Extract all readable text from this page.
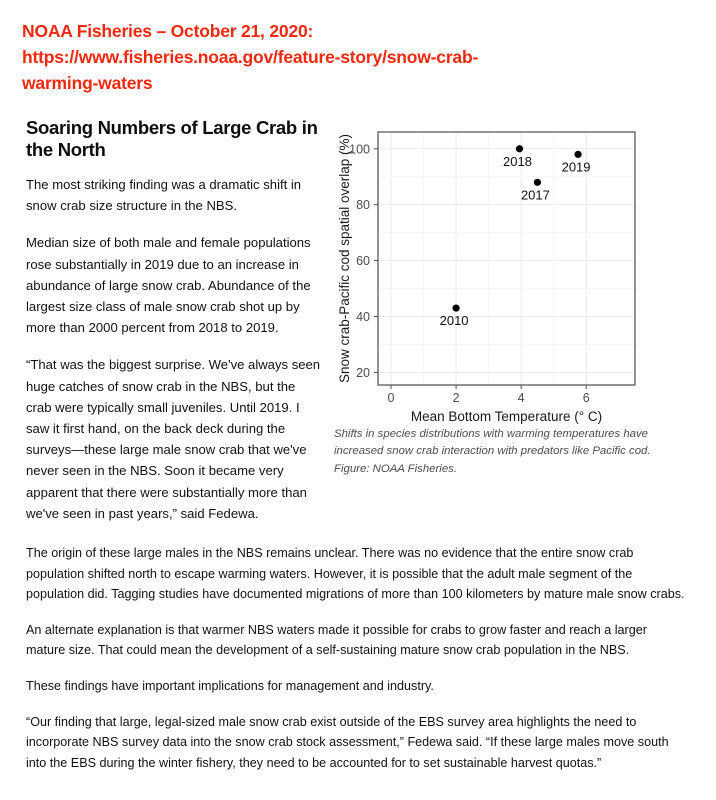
NOAA Fisheries – October 21, 2020:
https://www.fisheries.noaa.gov/feature-story/snow-crab-
warming-waters
Soaring Numbers of Large Crab in the North

The most striking finding was a dramatic shift in snow crab size structure in the NBS.

Median size of both male and female populations rose substantially in 2019 due to an increase in abundance of large snow crab. Abundance of the largest size class of male snow crab shot up by more than 2000 percent from 2018 to 2019.

“That was the biggest surprise. We've always seen huge catches of snow crab in the NBS, but the crab were typically small juveniles. Until 2019. I saw it first hand, on the back deck during the surveys—these large male snow crab that we've never seen in the NBS. Soon it became very apparent that there were substantially more than we've seen in past years,” said Fedewa.

20
40
60
80
100
0	2	4	6
Mean Bottom Temperature (° C)
Snow crab-Pacific cod spatial overlap (%)	2010
2018
2017
2019
Shifts in species distributions with warming temperatures have increased snow crab interaction with predators like Pacific cod. Figure: NOAA Fisheries.

The origin of these large males in the NBS remains unclear. There was no evidence that the entire snow crab population shifted north to escape warming waters. However, it is possible that the adult male segment of the population did. Tagging studies have documented migrations of more than 100 kilometers by mature male snow crabs.

An alternate explanation is that warmer NBS waters made it possible for crabs to grow faster and reach a larger mature size. That could mean the development of a self-sustaining mature snow crab population in the NBS.

These findings have important implications for management and industry.

“Our finding that large, legal-sized male snow crab exist outside of the EBS survey area highlights the need to incorporate NBS survey data into the snow crab stock assessment,” Fedewa said. “If these large males move south into the EBS during the winter fishery, they need to be accounted for to set sustainable harvest quotas.”
